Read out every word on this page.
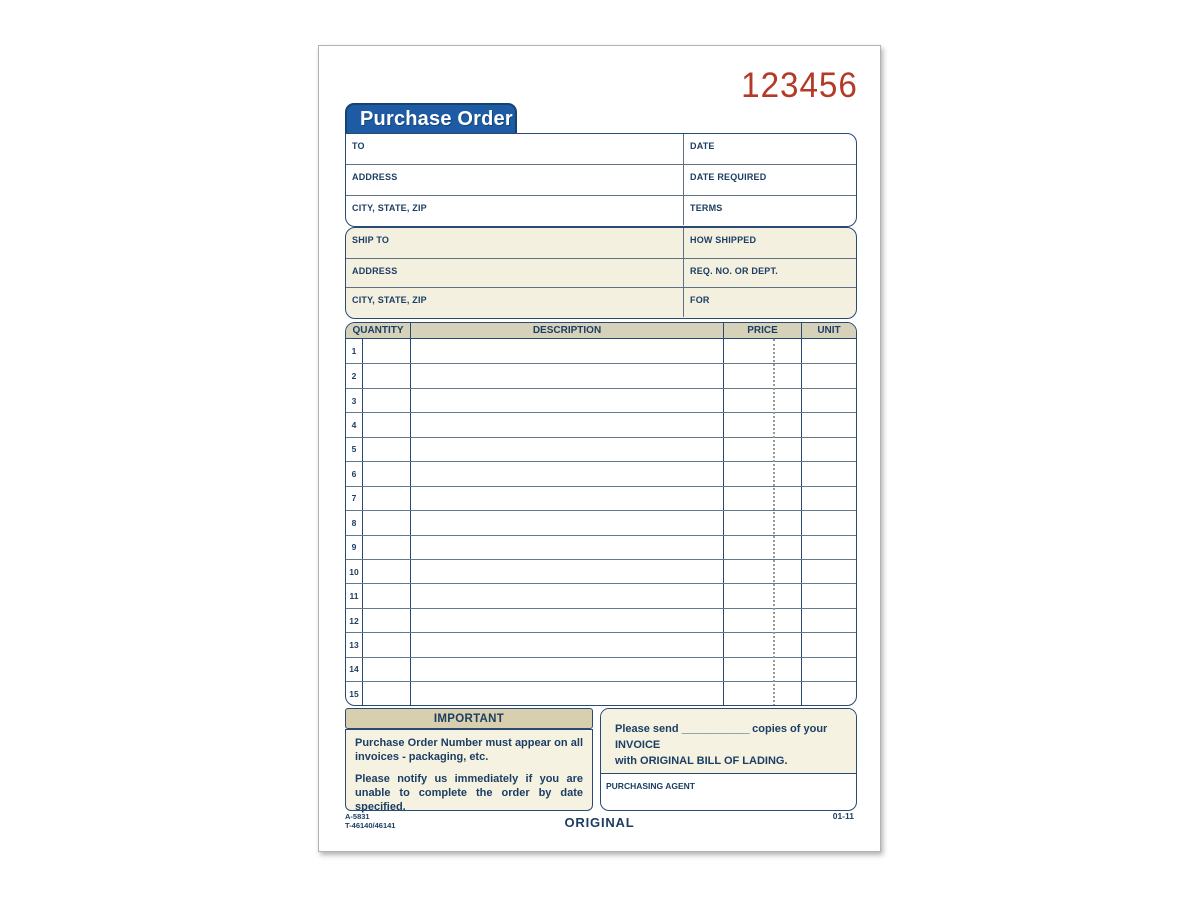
123456
Purchase Order
TO	DATE
ADDRESS	DATE REQUIRED
CITY, STATE, ZIP	TERMS
SHIP TO	HOW SHIPPED
ADDRESS	REQ. NO. OR DEPT.
CITY, STATE, ZIP	FOR
QUANTITY	DESCRIPTION	PRICE	UNIT
1
2
3
4
5
6
7
8
9
10
11
12
13
14
15
IMPORTANT

Purchase Order Number must appear on all invoices - packaging, etc.

Please notify us immediately if you are unable to complete the order by date specified.

Please send ____________ copies of your INVOICE
with ORIGINAL BILL OF LADING.
PURCHASING AGENT
A-5831
T-46140/46141	ORIGINAL	01-11
